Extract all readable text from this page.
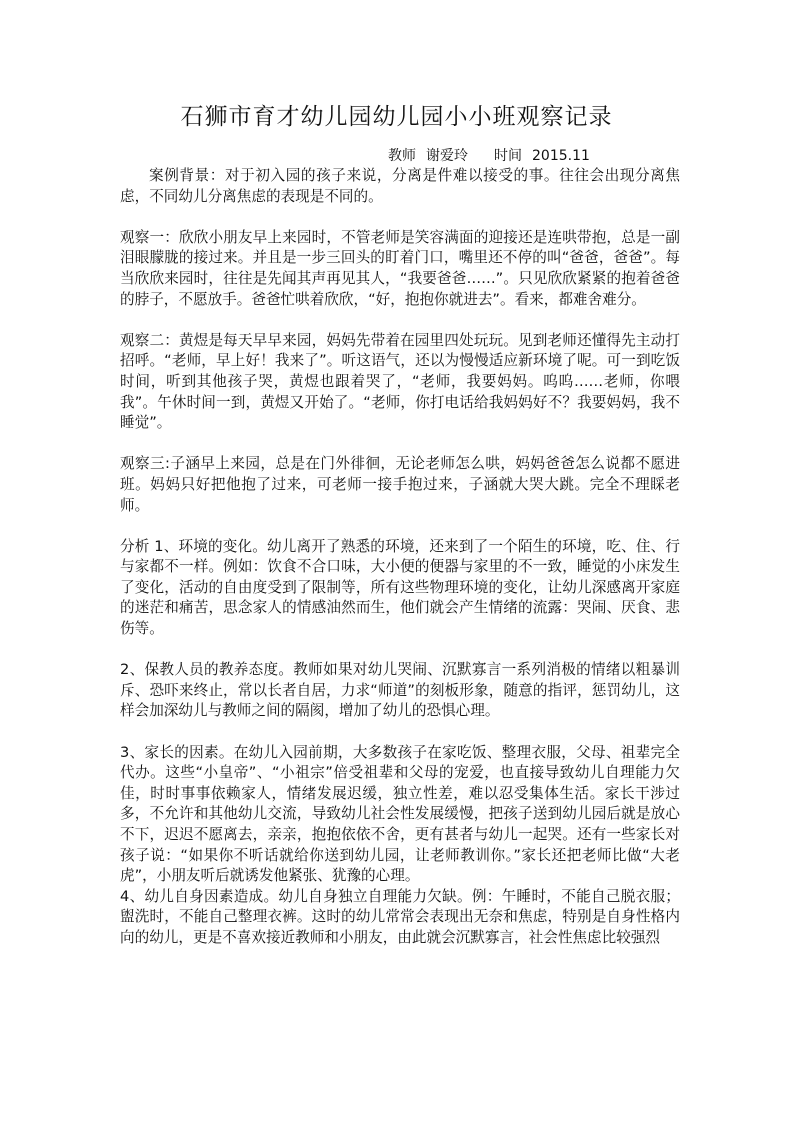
石狮市育才幼儿园幼儿园小小班观察记录
教师 谢爱玲 时间 2015.11

案例背景：对于初入园的孩子来说，分离是件难以接受的事。往往会出现分离焦虑，不同幼儿分离焦虑的表现是不同的。

观察一：欣欣小朋友早上来园时，不管老师是笑容满面的迎接还是连哄带抱，总是一副泪眼朦胧的接过来。并且是一步三回头的盯着门口，嘴里还不停的叫“爸爸，爸爸”。每当欣欣来园时，往往是先闻其声再见其人，“我要爸爸……”。只见欣欣紧紧的抱着爸爸的脖子，不愿放手。爸爸忙哄着欣欣，“好，抱抱你就进去”。看来，都难舍难分。

观察二：黄煜是每天早早来园，妈妈先带着在园里四处玩玩。见到老师还懂得先主动打招呼。“老师，早上好！我来了”。听这语气，还以为慢慢适应新环境了呢。可一到吃饭时间，听到其他孩子哭，黄煜也跟着哭了，“老师，我要妈妈。呜呜……老师，你喂我”。午休时间一到，黄煜又开始了。“老师，你打电话给我妈妈好不？我要妈妈，我不睡觉”。

观察三:子涵早上来园，总是在门外徘徊，无论老师怎么哄，妈妈爸爸怎么说都不愿进班。妈妈只好把他抱了过来，可老师一接手抱过来，子涵就大哭大跳。完全不理睬老师。

分析 1、环境的变化。幼儿离开了熟悉的环境，还来到了一个陌生的环境，吃、住、行与家都不一样。例如：饮食不合口味，大小便的便器与家里的不一致，睡觉的小床发生了变化，活动的自由度受到了限制等，所有这些物理环境的变化，让幼儿深感离开家庭的迷茫和痛苦，思念家人的情感油然而生，他们就会产生情绪的流露：哭闹、厌食、悲伤等。

2、保教人员的教养态度。教师如果对幼儿哭闹、沉默寡言一系列消极的情绪以粗暴训斥、恐吓来终止，常以长者自居，力求“师道”的刻板形象，随意的指评，惩罚幼儿，这样会加深幼儿与教师之间的隔阂，增加了幼儿的恐惧心理。

3、家长的因素。在幼儿入园前期，大多数孩子在家吃饭、整理衣服，父母、祖辈完全代办。这些“小皇帝”、“小祖宗”倍受祖辈和父母的宠爱，也直接导致幼儿自理能力欠佳，时时事事依赖家人，情绪发展迟缓，独立性差，难以忍受集体生活。家长干涉过多，不允许和其他幼儿交流，导致幼儿社会性发展缓慢，把孩子送到幼儿园后就是放心不下，迟迟不愿离去，亲亲，抱抱依依不舍，更有甚者与幼儿一起哭。还有一些家长对孩子说：“如果你不听话就给你送到幼儿园，让老师教训你。”家长还把老师比做“大老虎”，小朋友听后就诱发他紧张、犹豫的心理。

4、幼儿自身因素造成。幼儿自身独立自理能力欠缺。例：午睡时，不能自己脱衣服；盥洗时，不能自己整理衣裤。这时的幼儿常常会表现出无奈和焦虑，特别是自身性格内向的幼儿，更是不喜欢接近教师和小朋友，由此就会沉默寡言，社会性焦虑比较强烈
